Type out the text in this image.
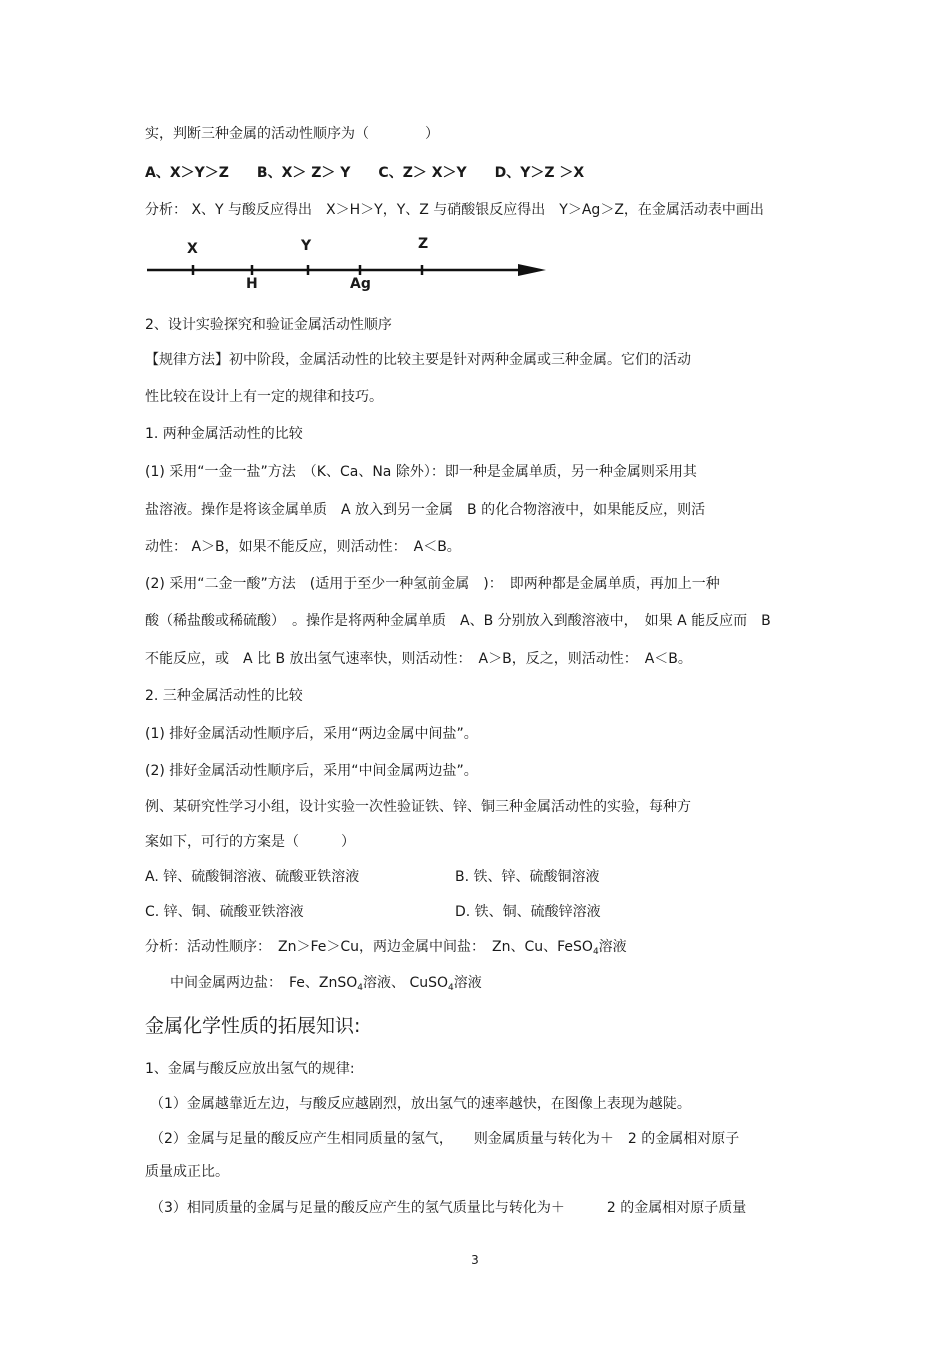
实，判断三种金属的活动性顺序为（　　　　）
A、X＞Y＞Z　　B、X＞ Z＞ Y　　C、Z＞ X＞Y　　D、Y＞Z ＞X
分析： X、Y 与酸反应得出　X＞H＞Y，Y、Z 与硝酸银反应得出　Y＞Ag＞Z，在金属活动表中画出
X	Y	Z
H	Ag
2、设计实验探究和验证金属活动性顺序
【规律方法】初中阶段，金属活动性的比较主要是针对两种金属或三种金属。它们的活动
性比较在设计上有一定的规律和技巧。
1. 两种金属活动性的比较
(1) 采用“一金一盐”方法　（K、Ca、Na 除外）：即一种是金属单质，另一种金属则采用其
盐溶液。操作是将该金属单质　A 放入到另一金属　B 的化合物溶液中，如果能反应，则活
动性： A＞B，如果不能反应，则活动性：　A＜B。
(2) 采用“二金一酸”方法　(适用于至少一种氢前金属　)：　即两种都是金属单质，再加上一种
酸（稀盐酸或稀硫酸）　。操作是将两种金属单质　A、B 分别放入到酸溶液中，　如果 A 能反应而　B
不能反应，或　A 比 B 放出氢气速率快，则活动性：　A＞B，反之，则活动性：　A＜B。
2. 三种金属活动性的比较
(1) 排好金属活动性顺序后，采用“两边金属中间盐”。
(2) 排好金属活动性顺序后，采用“中间金属两边盐”。
例、某研究性学习小组，设计实验一次性验证铁、锌、铜三种金属活动性的实验，每种方
案如下，可行的方案是（　　　）
A. 锌、硫酸铜溶液、硫酸亚铁溶液	B. 铁、锌、硫酸铜溶液
C. 锌、铜、硫酸亚铁溶液	D. 铁、铜、硫酸锌溶液
分析：活动性顺序：　Zn＞Fe＞Cu，两边金属中间盐：　Zn、Cu、FeSO$_4$溶液
中间金属两边盐：　Fe、ZnSO$_4$溶液、 CuSO$_4$溶液
金属化学性质的拓展知识:
1、金属与酸反应放出氢气的规律:
（1）金属越靠近左边，与酸反应越剧烈，放出氢气的速率越快，在图像上表现为越陡。
（2）金属与足量的酸反应产生相同质量的氢气，　　则金属质量与转化为＋　2 的金属相对原子
质量成正比。
（3）相同质量的金属与足量的酸反应产生的氢气质量比与转化为＋　　　2 的金属相对原子质量
3
